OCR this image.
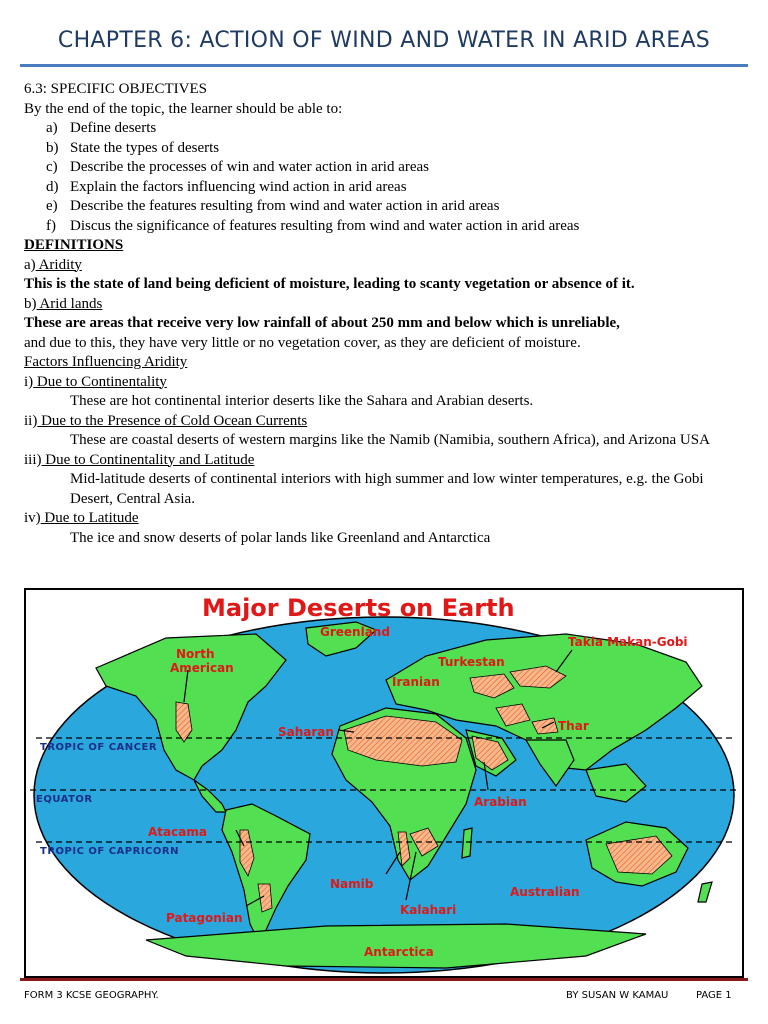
CHAPTER 6: ACTION OF WIND AND WATER IN ARID AREAS
6.3: SPECIFIC OBJECTIVES
By the end of the topic, the learner should be able to:
a) Define deserts
b) State the types of deserts
c) Describe the processes of win and water action in arid areas
d) Explain the factors influencing wind action in arid areas
e) Describe the features resulting from wind and water action in arid areas
f) Discus the significance of features resulting from wind and water action in arid areas
DEFINITIONS
a) Aridity
This is the state of land being deficient of moisture, leading to scanty vegetation or absence of it.
b) Arid lands
These are areas that receive very low rainfall of about 250 mm and below which is unreliable,
and due to this, they have very little or no vegetation cover, as they are deficient of moisture.
Factors Influencing Aridity
i) Due to Continentality
These are hot continental interior deserts like the Sahara and Arabian deserts.
ii) Due to the Presence of Cold Ocean Currents
These are coastal deserts of western margins like the Namib (Namibia, southern Africa), and Arizona USA
iii) Due to Continentality and Latitude
Mid-latitude deserts of continental interiors with high summer and low winter temperatures, e.g. the Gobi Desert, Central Asia.
iv) Due to Latitude
The ice and snow deserts of polar lands like Greenland and Antarctica
TROPIC OF CANCER
EQUATOR
TROPIC OF CAPRICORN
Major Deserts on Earth
Greenland
North
American	Turkestan
Iranian
Takla Makan-Gobi
Saharan	Thar
Arabian
Atacama
Namib
Kalahari
Australian
Patagonian
Antarctica
FORM 3 KCSE GEOGRAPHY.	BY SUSAN W KAMAU	PAGE 1
